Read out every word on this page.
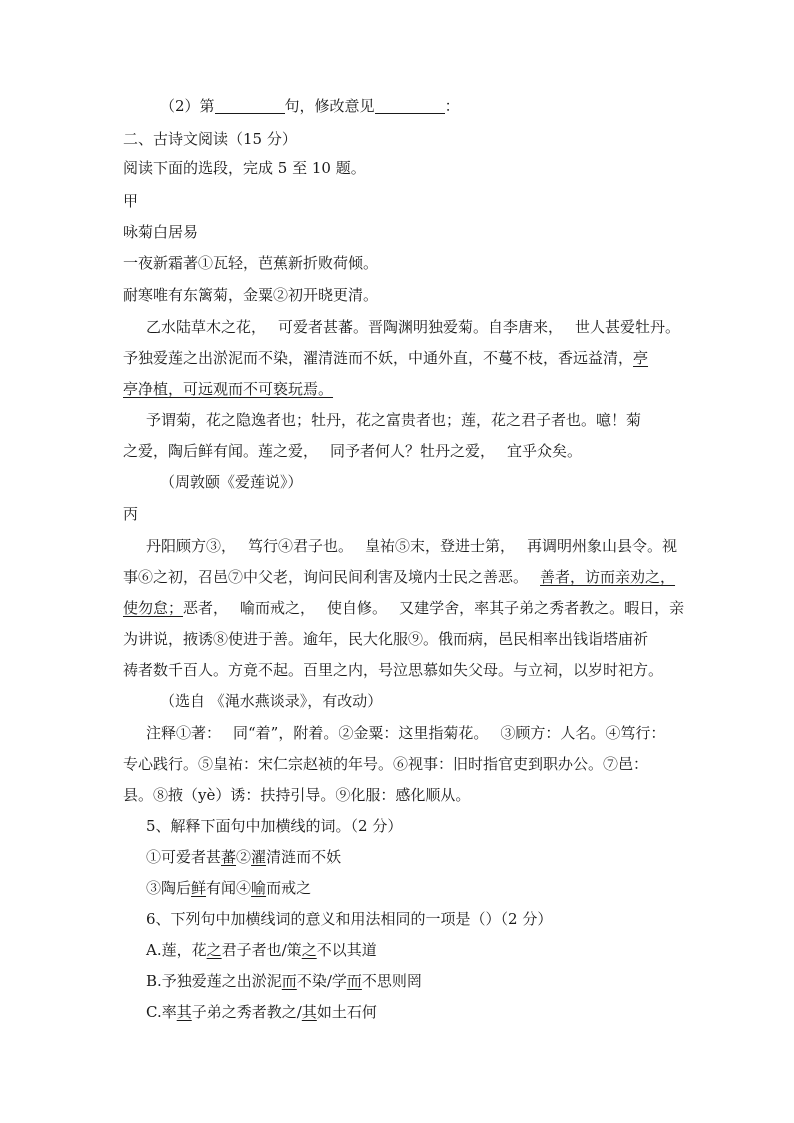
（2）第	句，修改意见	：
二、古诗文阅读（15 分）
阅读下面的选段，完成 5 至 10 题。
甲
咏菊白居易
一夜新霜著①瓦轻，芭蕉新折败荷倾。
耐寒唯有东篱菊，金粟②初开晓更清。
乙水陆草木之花， 可爱者甚蕃。晋陶渊明独爱菊。自李唐来， 世人甚爱牡丹。
予独爱莲之出淤泥而不染，濯清涟而不妖，中通外直，不蔓不枝，香远益清，亭
亭净植，可远观而不可亵玩焉。
予谓菊，花之隐逸者也；牡丹，花之富贵者也；莲，花之君子者也。噫！菊
之爱，陶后鲜有闻。莲之爱， 同予者何人？牡丹之爱， 宜乎众矣。
（周敦颐《爱莲说》）
丙
丹阳顾方③， 笃行④君子也。 皇祐⑤末，登进士第， 再调明州象山县令。视
事⑥之初，召邑⑦中父老，询问民间利害及境内士民之善恶。 善者，访而亲劝之，
使勿怠；恶者， 喻而戒之， 使自修。 又建学舍，率其子弟之秀者教之。暇日，亲
为讲说，掖诱⑧使进于善。逾年，民大化服⑨。俄而病，邑民相率出钱诣塔庙祈
祷者数千百人。方竟不起。百里之内，号泣思慕如失父母。与立祠，以岁时祀方。
（选自 《渑水燕谈录》，有改动）
注释①著： 同“着”，附着。②金粟：这里指菊花。 ③顾方：人名。④笃行：
专心践行。⑤皇祐：宋仁宗赵祯的年号。⑥视事：旧时指官吏到职办公。⑦邑：
县。⑧掖（yè）诱：扶持引导。⑨化服：感化顺从。
5、解释下面句中加横线的词。（2 分）
①可爱者甚蕃②濯清涟而不妖
③陶后鲜有闻④喻而戒之
6、下列句中加横线词的意义和用法相同的一项是（）（2 分）
A.莲，花之君子者也/策之不以其道
B.予独爱莲之出淤泥而不染/学而不思则罔
C.率其子弟之秀者教之/其如土石何
